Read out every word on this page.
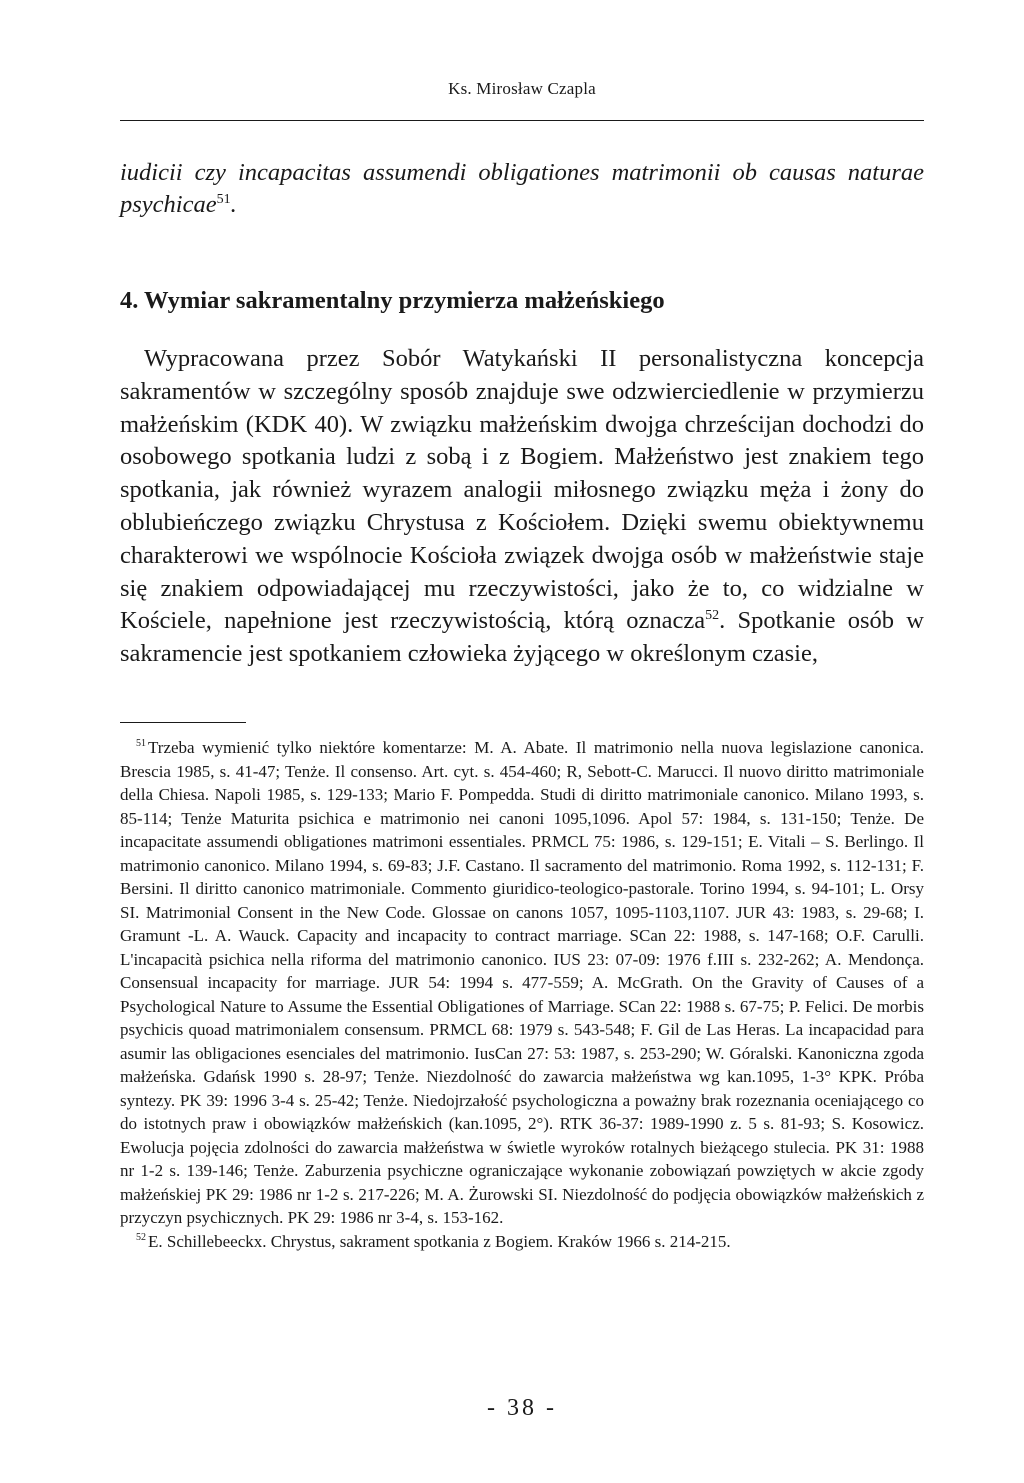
Ks. Mirosław Czapla

iudicii czy incapacitas assumendi obligationes matrimonii ob causas naturae psychicae$^{51}$.

4. Wymiar sakramentalny przymierza małżeńskiego

Wypracowana przez Sobór Watykański II personalistyczna koncepcja sakramentów w szczególny sposób znajduje swe odzwierciedlenie w przymierzu małżeńskim (KDK 40). W związku małżeńskim dwojga chrześcijan dochodzi do osobowego spotkania ludzi z sobą i z Bogiem. Małżeństwo jest znakiem tego spotkania, jak również wyrazem analogii miłosnego związku męża i żony do oblubieńczego związku Chrystusa z Kościołem. Dzięki swemu obiektywnemu charakterowi we wspólnocie Kościoła związek dwojga osób w małżeństwie staje się znakiem odpowiadającej mu rzeczywistości, jako że to, co widzialne w Kościele, napełnione jest rzeczywistością, którą oznacza$^{52}$. Spotkanie osób w sakramencie jest spotkaniem człowieka żyjącego w określonym czasie,

$^{51}$ Trzeba wymienić tylko niektóre komentarze: M. A. Abate. Il matrimonio nella nuova legislazione canonica. Brescia 1985, s. 41-47; Tenże. Il consenso. Art. cyt. s. 454-460; R, Sebott-C. Marucci. Il nuovo diritto matrimoniale della Chiesa. Napoli 1985, s. 129-133; Mario F. Pompedda. Studi di diritto matrimoniale canonico. Milano 1993, s. 85-114; Tenże Maturita psichica e matrimonio nei canoni 1095,1096. Apol 57: 1984, s. 131-150; Tenże. De incapacitate assumendi obligationes matrimoni essentiales. PRMCL 75: 1986, s. 129-151; E. Vitali – S. Berlingo. Il matrimonio canonico. Milano 1994, s. 69-83; J.F. Castano. Il sacramento del matrimonio. Roma 1992, s. 112-131; F. Bersini. Il diritto canonico matrimoniale. Commento giuridico-teologico-pastorale. Torino 1994, s. 94-101; L. Orsy SI. Matrimonial Consent in the New Code. Glossae on canons 1057, 1095-1103,1107. JUR 43: 1983, s. 29-68; I. Gramunt -L. A. Wauck. Capacity and incapacity to contract marriage. SCan 22: 1988, s. 147-168; O.F. Carulli. L'incapacità psichica nella riforma del matrimonio canonico. IUS 23: 07-09: 1976 f.III s. 232-262; A. Mendonça. Consensual incapacity for marriage. JUR 54: 1994 s. 477-559; A. McGrath. On the Gravity of Causes of a Psychological Nature to Assume the Essential Obligationes of Marriage. SCan 22: 1988 s. 67-75; P. Felici. De morbis psychicis quoad matrimonialem consensum. PRMCL 68: 1979 s. 543-548; F. Gil de Las Heras. La incapacidad para asumir las obligaciones esenciales del matrimonio. IusCan 27: 53: 1987, s. 253-290; W. Góralski. Kanoniczna zgoda małżeńska. Gdańsk 1990 s. 28-97; Tenże. Niezdolność do zawarcia małżeństwa wg kan.1095, 1-3° KPK. Próba syntezy. PK 39: 1996 3-4 s. 25-42; Tenże. Niedojrzałość psychologiczna a poważny brak rozeznania oceniającego co do istotnych praw i obowiązków małżeńskich (kan.1095, 2°). RTK 36-37: 1989-1990 z. 5 s. 81-93; S. Kosowicz. Ewolucja pojęcia zdolności do zawarcia małżeństwa w świetle wyroków rotalnych bieżącego stulecia. PK 31: 1988 nr 1-2 s. 139-146; Tenże. Zaburzenia psychiczne ograniczające wykonanie zobowiązań powziętych w akcie zgody małżeńskiej PK 29: 1986 nr 1-2 s. 217-226; M. A. Żurowski SI. Niezdolność do podjęcia obowiązków małżeńskich z przyczyn psychicznych. PK 29: 1986 nr 3-4, s. 153-162.

$^{52}$ E. Schillebeeckx. Chrystus, sakrament spotkania z Bogiem. Kraków 1966 s. 214-215.

- 38 -
